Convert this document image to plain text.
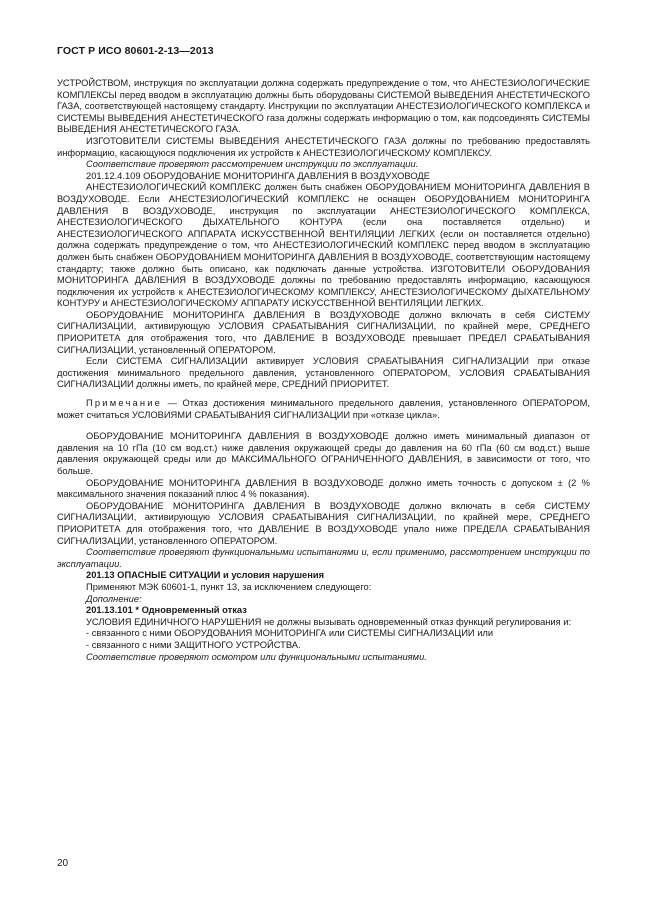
ГОСТ Р ИСО 80601-2-13—2013

УСТРОЙСТВОМ, инструкция по эксплуатации должна содержать предупреждение о том, что АНЕСТЕЗИОЛОГИЧЕСКИЕ КОМПЛЕКСЫ перед вводом в эксплуатацию должны быть оборудованы СИСТЕМОЙ ВЫВЕДЕНИЯ АНЕСТЕТИЧЕСКОГО ГАЗА, соответствующей настоящему стандарту. Инструкции по эксплуатации АНЕСТЕЗИОЛОГИЧЕСКОГО КОМПЛЕКСА и СИСТЕМЫ ВЫВЕДЕНИЯ АНЕСТЕТИЧЕСКОГО газа должны содержать информацию о том, как подсоединять СИСТЕМЫ ВЫВЕДЕНИЯ АНЕСТЕТИЧЕСКОГО ГАЗА.

ИЗГОТОВИТЕЛИ СИСТЕМЫ ВЫВЕДЕНИЯ АНЕСТЕТИЧЕСКОГО ГАЗА должны по требованию предоставлять информацию, касающуюся подключения их устройств к АНЕСТЕЗИОЛОГИЧЕСКОМУ КОМПЛЕКСУ.

Соответствие проверяют рассмотрением инструкции по эксплуатации.

201.12.4.109 ОБОРУДОВАНИЕ МОНИТОРИНГА ДАВЛЕНИЯ В ВОЗДУХОВОДЕ

АНЕСТЕЗИОЛОГИЧЕСКИЙ КОМПЛЕКС должен быть снабжен ОБОРУДОВАНИЕМ МОНИТОРИНГА ДАВЛЕНИЯ В ВОЗДУХОВОДЕ. Если АНЕСТЕЗИОЛОГИЧЕСКИЙ КОМПЛЕКС не оснащен ОБОРУДОВАНИЕМ МОНИТОРИНГА ДАВЛЕНИЯ В ВОЗДУХОВОДЕ, инструкция по эксплуатации АНЕСТЕЗИОЛОГИЧЕСКОГО КОМПЛЕКСА, АНЕСТЕЗИОЛОГИЧЕСКОГО ДЫХАТЕЛЬНОГО КОНТУРА (если она поставляется отдельно) и АНЕСТЕЗИОЛОГИЧЕСКОГО АППАРАТА ИСКУССТВЕННОЙ ВЕНТИЛЯЦИИ ЛЕГКИХ (если он поставляется отдельно) должна содержать предупреждение о том, что АНЕСТЕЗИОЛОГИЧЕСКИЙ КОМПЛЕКС перед вводом в эксплуатацию должен быть снабжен ОБОРУДОВАНИЕМ МОНИТОРИНГА ДАВЛЕНИЯ В ВОЗДУХОВОДЕ, соответствующим настоящему стандарту; также должно быть описано, как подключать данные устройства. ИЗГОТОВИТЕЛИ ОБОРУДОВАНИЯ МОНИТОРИНГА ДАВЛЕНИЯ В ВОЗДУХОВОДЕ должны по требованию предоставлять информацию, касающуюся подключения их устройств к АНЕСТЕЗИОЛОГИЧЕСКОМУ КОМПЛЕКСУ, АНЕСТЕЗИОЛОГИЧЕСКОМУ ДЫХАТЕЛЬНОМУ КОНТУРУ и АНЕСТЕЗИОЛОГИЧЕСКОМУ АППАРАТУ ИСКУССТВЕННОЙ ВЕНТИЛЯЦИИ ЛЕГКИХ.

ОБОРУДОВАНИЕ МОНИТОРИНГА ДАВЛЕНИЯ В ВОЗДУХОВОДЕ должно включать в себя СИСТЕМУ СИГНАЛИЗАЦИИ, активирующую УСЛОВИЯ СРАБАТЫВАНИЯ СИГНАЛИЗАЦИИ, по крайней мере, СРЕДНЕГО ПРИОРИТЕТА для отображения того, что ДАВЛЕНИЕ В ВОЗДУХОВОДЕ превышает ПРЕДЕЛ СРАБАТЫВАНИЯ СИГНАЛИЗАЦИИ, установленный ОПЕРАТОРОМ.

Если СИСТЕМА СИГНАЛИЗАЦИИ активирует УСЛОВИЯ СРАБАТЫВАНИЯ СИГНАЛИЗАЦИИ при отказе достижения минимального предельного давления, установленного ОПЕРАТОРОМ, УСЛОВИЯ СРАБАТЫВАНИЯ СИГНАЛИЗАЦИИ должны иметь, по крайней мере, СРЕДНИЙ ПРИОРИТЕТ.

Примечание — Отказ достижения минимального предельного давления, установленного ОПЕРАТОРОМ, может считаться УСЛОВИЯМИ СРАБАТЫВАНИЯ СИГНАЛИЗАЦИИ при «отказе цикла».

ОБОРУДОВАНИЕ МОНИТОРИНГА ДАВЛЕНИЯ В ВОЗДУХОВОДЕ должно иметь минимальный диапазон от давления на 10 гПа (10 см вод.ст.) ниже давления окружающей среды до давления на 60 гПа (60 см вод.ст.) выше давления окружающей среды или до МАКСИМАЛЬНОГО ОГРАНИЧЕННОГО ДАВЛЕНИЯ, в зависимости от того, что больше.

ОБОРУДОВАНИЕ МОНИТОРИНГА ДАВЛЕНИЯ В ВОЗДУХОВОДЕ должно иметь точность с допуском ± (2 % максимального значения показаний плюс 4 % показания).

ОБОРУДОВАНИЕ МОНИТОРИНГА ДАВЛЕНИЯ В ВОЗДУХОВОДЕ должно включать в себя СИСТЕМУ СИГНАЛИЗАЦИИ, активирующую УСЛОВИЯ СРАБАТЫВАНИЯ СИГНАЛИЗАЦИИ, по крайней мере, СРЕДНЕГО ПРИОРИТЕТА для отображения того, что ДАВЛЕНИЕ В ВОЗДУХОВОДЕ упало ниже ПРЕДЕЛА СРАБАТЫВАНИЯ СИГНАЛИЗАЦИИ, установленного ОПЕРАТОРОМ.

Соответствие проверяют функциональными испытаниями и, если применимо, рассмотрением инструкции по эксплуатации.

201.13 ОПАСНЫЕ СИТУАЦИИ и условия нарушения

Применяют МЭК 60601-1, пункт 13, за исключением следующего:

Дополнение:

201.13.101 * Одновременный отказ

УСЛОВИЯ ЕДИНИЧНОГО НАРУШЕНИЯ не должны вызывать одновременный отказ функций регулирования и:

- связанного с ними ОБОРУДОВАНИЯ МОНИТОРИНГА или СИСТЕМЫ СИГНАЛИЗАЦИИ или

- связанного с ними ЗАЩИТНОГО УСТРОЙСТВА.

Соответствие проверяют осмотром или функциональными испытаниями.

20
